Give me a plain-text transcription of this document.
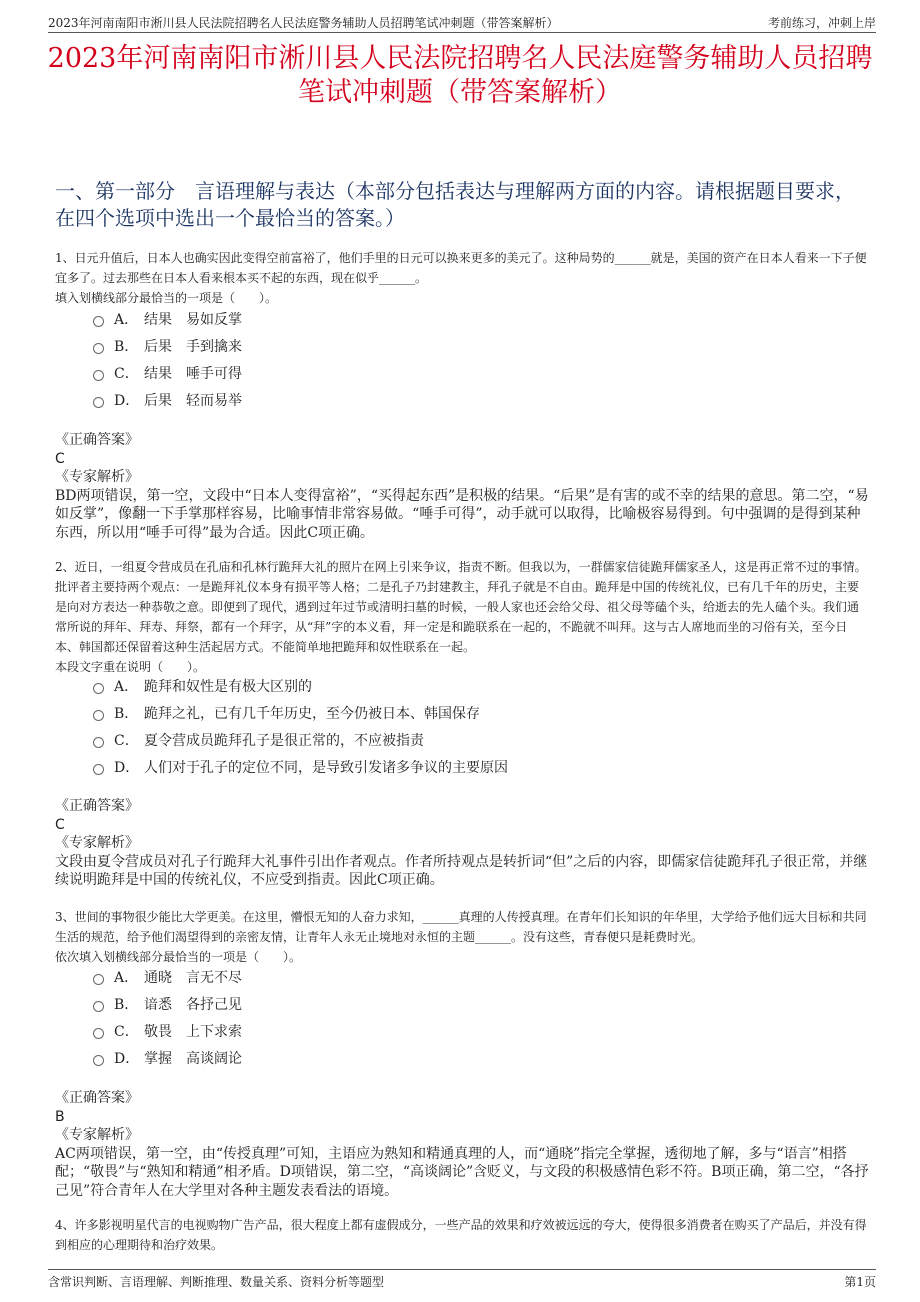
2023年河南南阳市淅川县人民法院招聘名人民法庭警务辅助人员招聘笔试冲刺题（带答案解析）	考前练习，冲刺上岸
2023年河南南阳市淅川县人民法院招聘名人民法庭警务辅助人员招聘笔试冲刺题（带答案解析）
一、第一部分　言语理解与表达（本部分包括表达与理解两方面的内容。请根据题目要求，在四个选项中选出一个最恰当的答案。）
1、日元升值后，日本人也确实因此变得空前富裕了，他们手里的日元可以换来更多的美元了。这种局势的______就是，美国的资产在日本人看来一下子便宜多了。过去那些在日本人看来根本买不起的东西，现在似乎______。
填入划横线部分最恰当的一项是（　　）。
A． 结果　易如反掌
B． 后果　手到擒来
C． 结果　唾手可得
D． 后果　轻而易举
《正确答案》
C
《专家解析》
BD两项错误，第一空，文段中“日本人变得富裕”，“买得起东西”是积极的结果。“后果”是有害的或不幸的结果的意思。第二空，“易如反掌”，像翻一下手掌那样容易，比喻事情非常容易做。“唾手可得”，动手就可以取得，比喻极容易得到。句中强调的是得到某种东西，所以用“唾手可得”最为合适。因此C项正确。
2、近日，一组夏令营成员在孔庙和孔林行跪拜大礼的照片在网上引来争议，指责不断。但我以为，一群儒家信徒跪拜儒家圣人，这是再正常不过的事情。批评者主要持两个观点：一是跪拜礼仪本身有损平等人格；二是孔子乃封建教主，拜孔子就是不自由。跪拜是中国的传统礼仪，已有几千年的历史，主要是向对方表达一种恭敬之意。即便到了现代，遇到过年过节或清明扫墓的时候，一般人家也还会给父母、祖父母等磕个头，给逝去的先人磕个头。我们通常所说的拜年、拜寿、拜祭，都有一个拜字，从“拜”字的本义看，拜一定是和跪联系在一起的，不跪就不叫拜。这与古人席地而坐的习俗有关，至今日本、韩国都还保留着这种生活起居方式。不能简单地把跪拜和奴性联系在一起。
本段文字重在说明（　　）。
A． 跪拜和奴性是有极大区别的
B． 跪拜之礼，已有几千年历史，至今仍被日本、韩国保存
C． 夏令营成员跪拜孔子是很正常的，不应被指责
D． 人们对于孔子的定位不同，是导致引发诸多争议的主要原因
《正确答案》
C
《专家解析》
文段由夏令营成员对孔子行跪拜大礼事件引出作者观点。作者所持观点是转折词“但”之后的内容，即儒家信徒跪拜孔子很正常，并继续说明跪拜是中国的传统礼仪，不应受到指责。因此C项正确。
3、世间的事物很少能比大学更美。在这里，懵恨无知的人奋力求知，______真理的人传授真理。在青年们长知识的年华里，大学给予他们远大目标和共同生活的规范，给予他们渴望得到的亲密友情，让青年人永无止境地对永恒的主题______。没有这些，青春便只是耗费时光。
依次填入划横线部分最恰当的一项是（　　）。
A． 通晓　言无不尽
B． 谙悉　各抒己见
C． 敬畏　上下求索
D． 掌握　高谈阔论
《正确答案》
B
《专家解析》
AC两项错误，第一空，由“传授真理”可知，主语应为熟知和精通真理的人，而“通晓”指完全掌握，透彻地了解，多与“语言”相搭配；“敬畏”与“熟知和精通”相矛盾。D项错误，第二空，“高谈阔论”含贬义，与文段的积极感情色彩不符。B项正确，第二空，“各抒己见”符合青年人在大学里对各种主题发表看法的语境。
4、许多影视明星代言的电视购物广告产品，很大程度上都有虚假成分，一些产品的效果和疗效被远远的夸大，使得很多消费者在购买了产品后，并没有得到相应的心理期待和治疗效果。
含常识判断、言语理解、判断推理、数量关系、资料分析等题型	第1页
